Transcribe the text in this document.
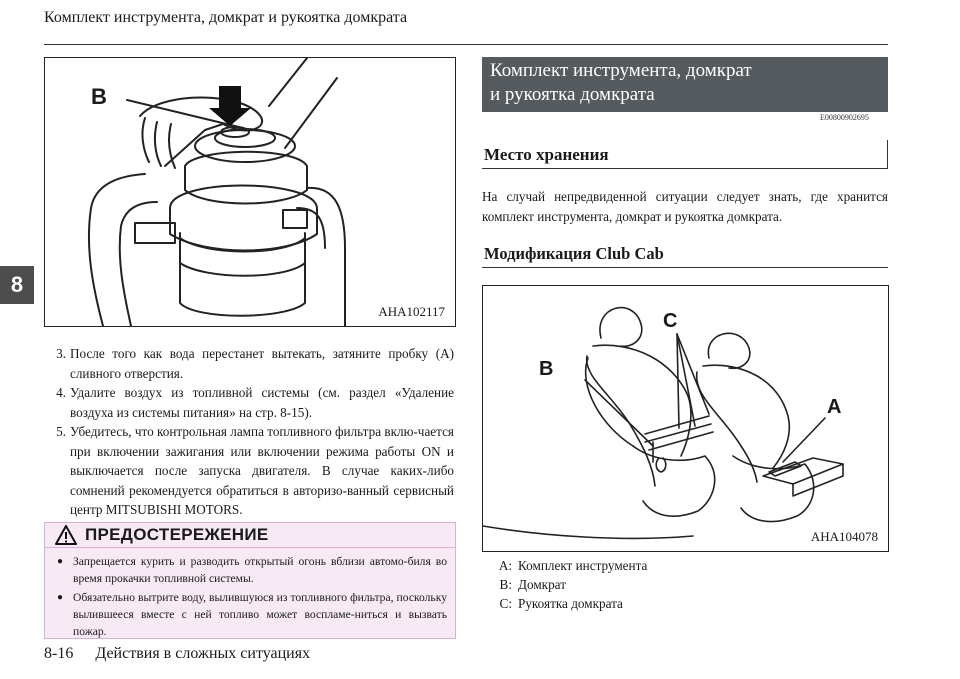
Комплект инструмента, домкрат и рукоятка домкрата
8
B
AHA102117
3. После того как вода перестанет вытекать, затяните пробку (A) сливного отверстия.
4. Удалите воздух из топливной системы (см. раздел «Удаление воздуха из системы питания» на стр. 8-15).
5. Убедитесь, что контрольная лампа топливного фильтра вклю-чается при включении зажигания или включении режима работы ON и выключается после запуска двигателя. В случае каких-либо сомнений рекомендуется обратиться в авторизо-ванный сервисный центр MITSUBISHI MOTORS.
ПРЕДОСТЕРЕЖЕНИЕ
● Запрещается курить и разводить открытый огонь вблизи автомо-биля во время прокачки топливной системы.
● Обязательно вытрите воду, вылившуюся из топливного фильтра, поскольку вылившееся вместе с ней топливо может воспламе-ниться и вызвать пожар.
8-16 Действия в сложных ситуациях
Комплект инструмента, домкрат
и рукоятка домкрата
E00800902695
Место хранения
На случай непредвиденной ситуации следует знать, где хранится комплект инструмента, домкрат и рукоятка домкрата.
Модификация Club Cab
B
C
A
AHA104078
A: Комплект инструмента
B: Домкрат
C: Рукоятка домкрата
